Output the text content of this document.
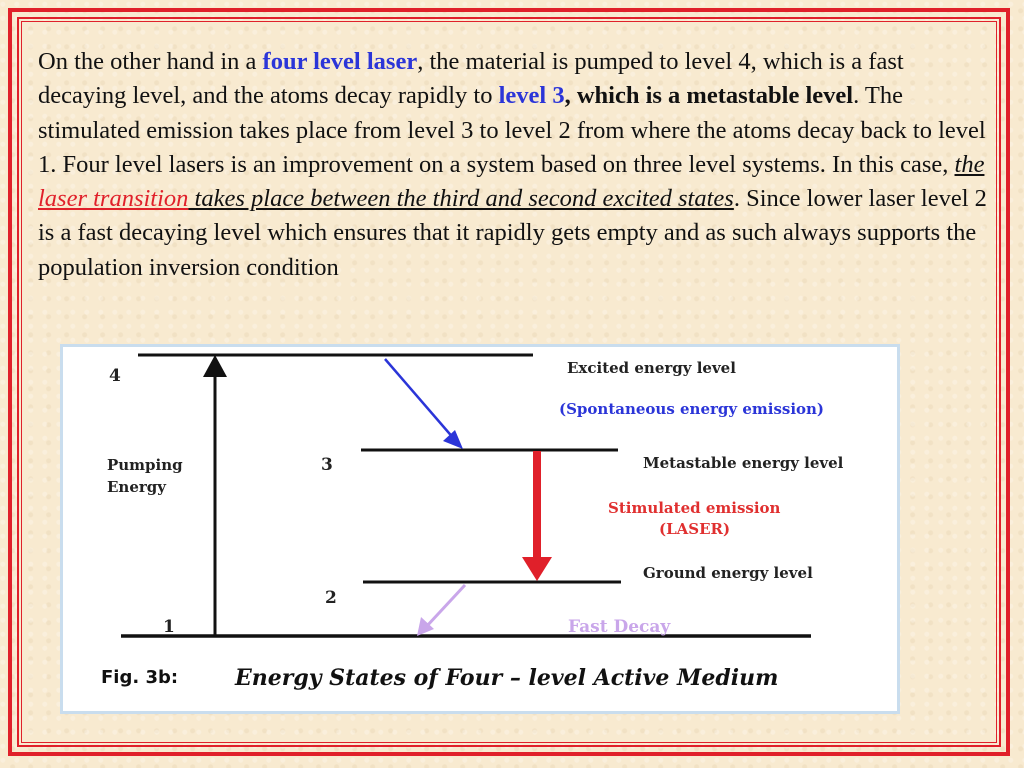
On the other hand in a four level laser, the material is pumped to level 4, which is a fast decaying level, and the atoms decay rapidly to level 3, which is a metastable level. The stimulated emission takes place from level 3 to level 2 from where the atoms decay back to level 1. Four level lasers is an improvement on a system based on three level systems. In this case, the laser transition takes place between the third and second excited states. Since lower laser level 2 is a fast decaying level which ensures that it rapidly gets empty and as such always supports the population inversion condition
4
3
2
1
Pumping
Energy
Excited energy level
(Spontaneous energy emission)
Metastable energy level
Stimulated emission
(LASER)
Ground energy level
Fast Decay
Fig. 3b:	Energy States of Four – level Active Medium
